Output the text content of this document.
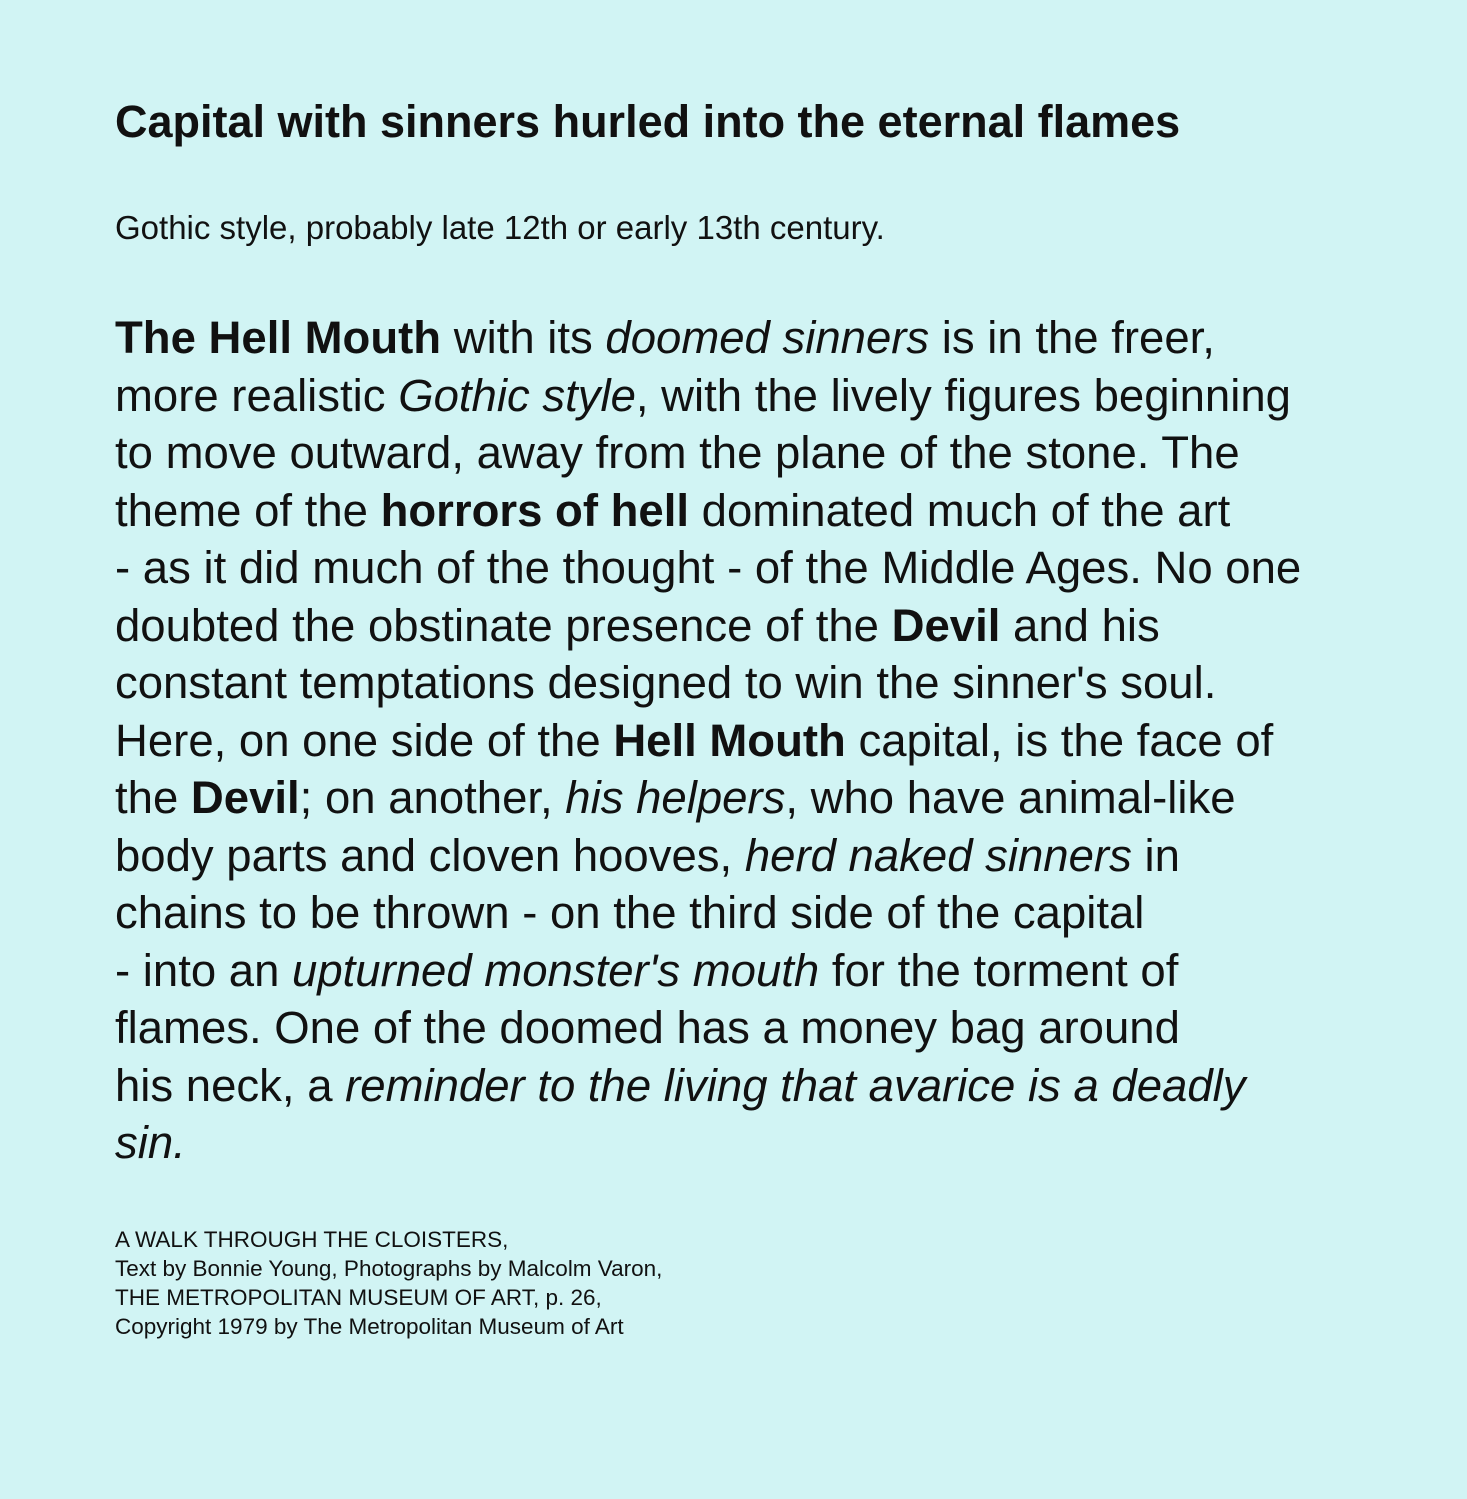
Capital with sinners hurled into the eternal flames

Gothic style, probably late 12th or early 13th century.

The Hell Mouth with its doomed sinners is in the freer,
more realistic Gothic style, with the lively figures beginning
to move outward, away from the plane of the stone. The
theme of the horrors of hell dominated much of the art
- as it did much of the thought - of the Middle Ages. No one
doubted the obstinate presence of the Devil and his
constant temptations designed to win the sinner's soul.
Here, on one side of the Hell Mouth capital, is the face of
the Devil; on another, his helpers, who have animal-like
body parts and cloven hooves, herd naked sinners in
chains to be thrown - on the third side of the capital
- into an upturned monster's mouth for the torment of
flames. One of the doomed has a money bag around
his neck, a reminder to the living that avarice is a deadly
sin.

A WALK THROUGH THE CLOISTERS,
Text by Bonnie Young, Photographs by Malcolm Varon,
THE METROPOLITAN MUSEUM OF ART, p. 26,
Copyright 1979 by The Metropolitan Museum of Art
